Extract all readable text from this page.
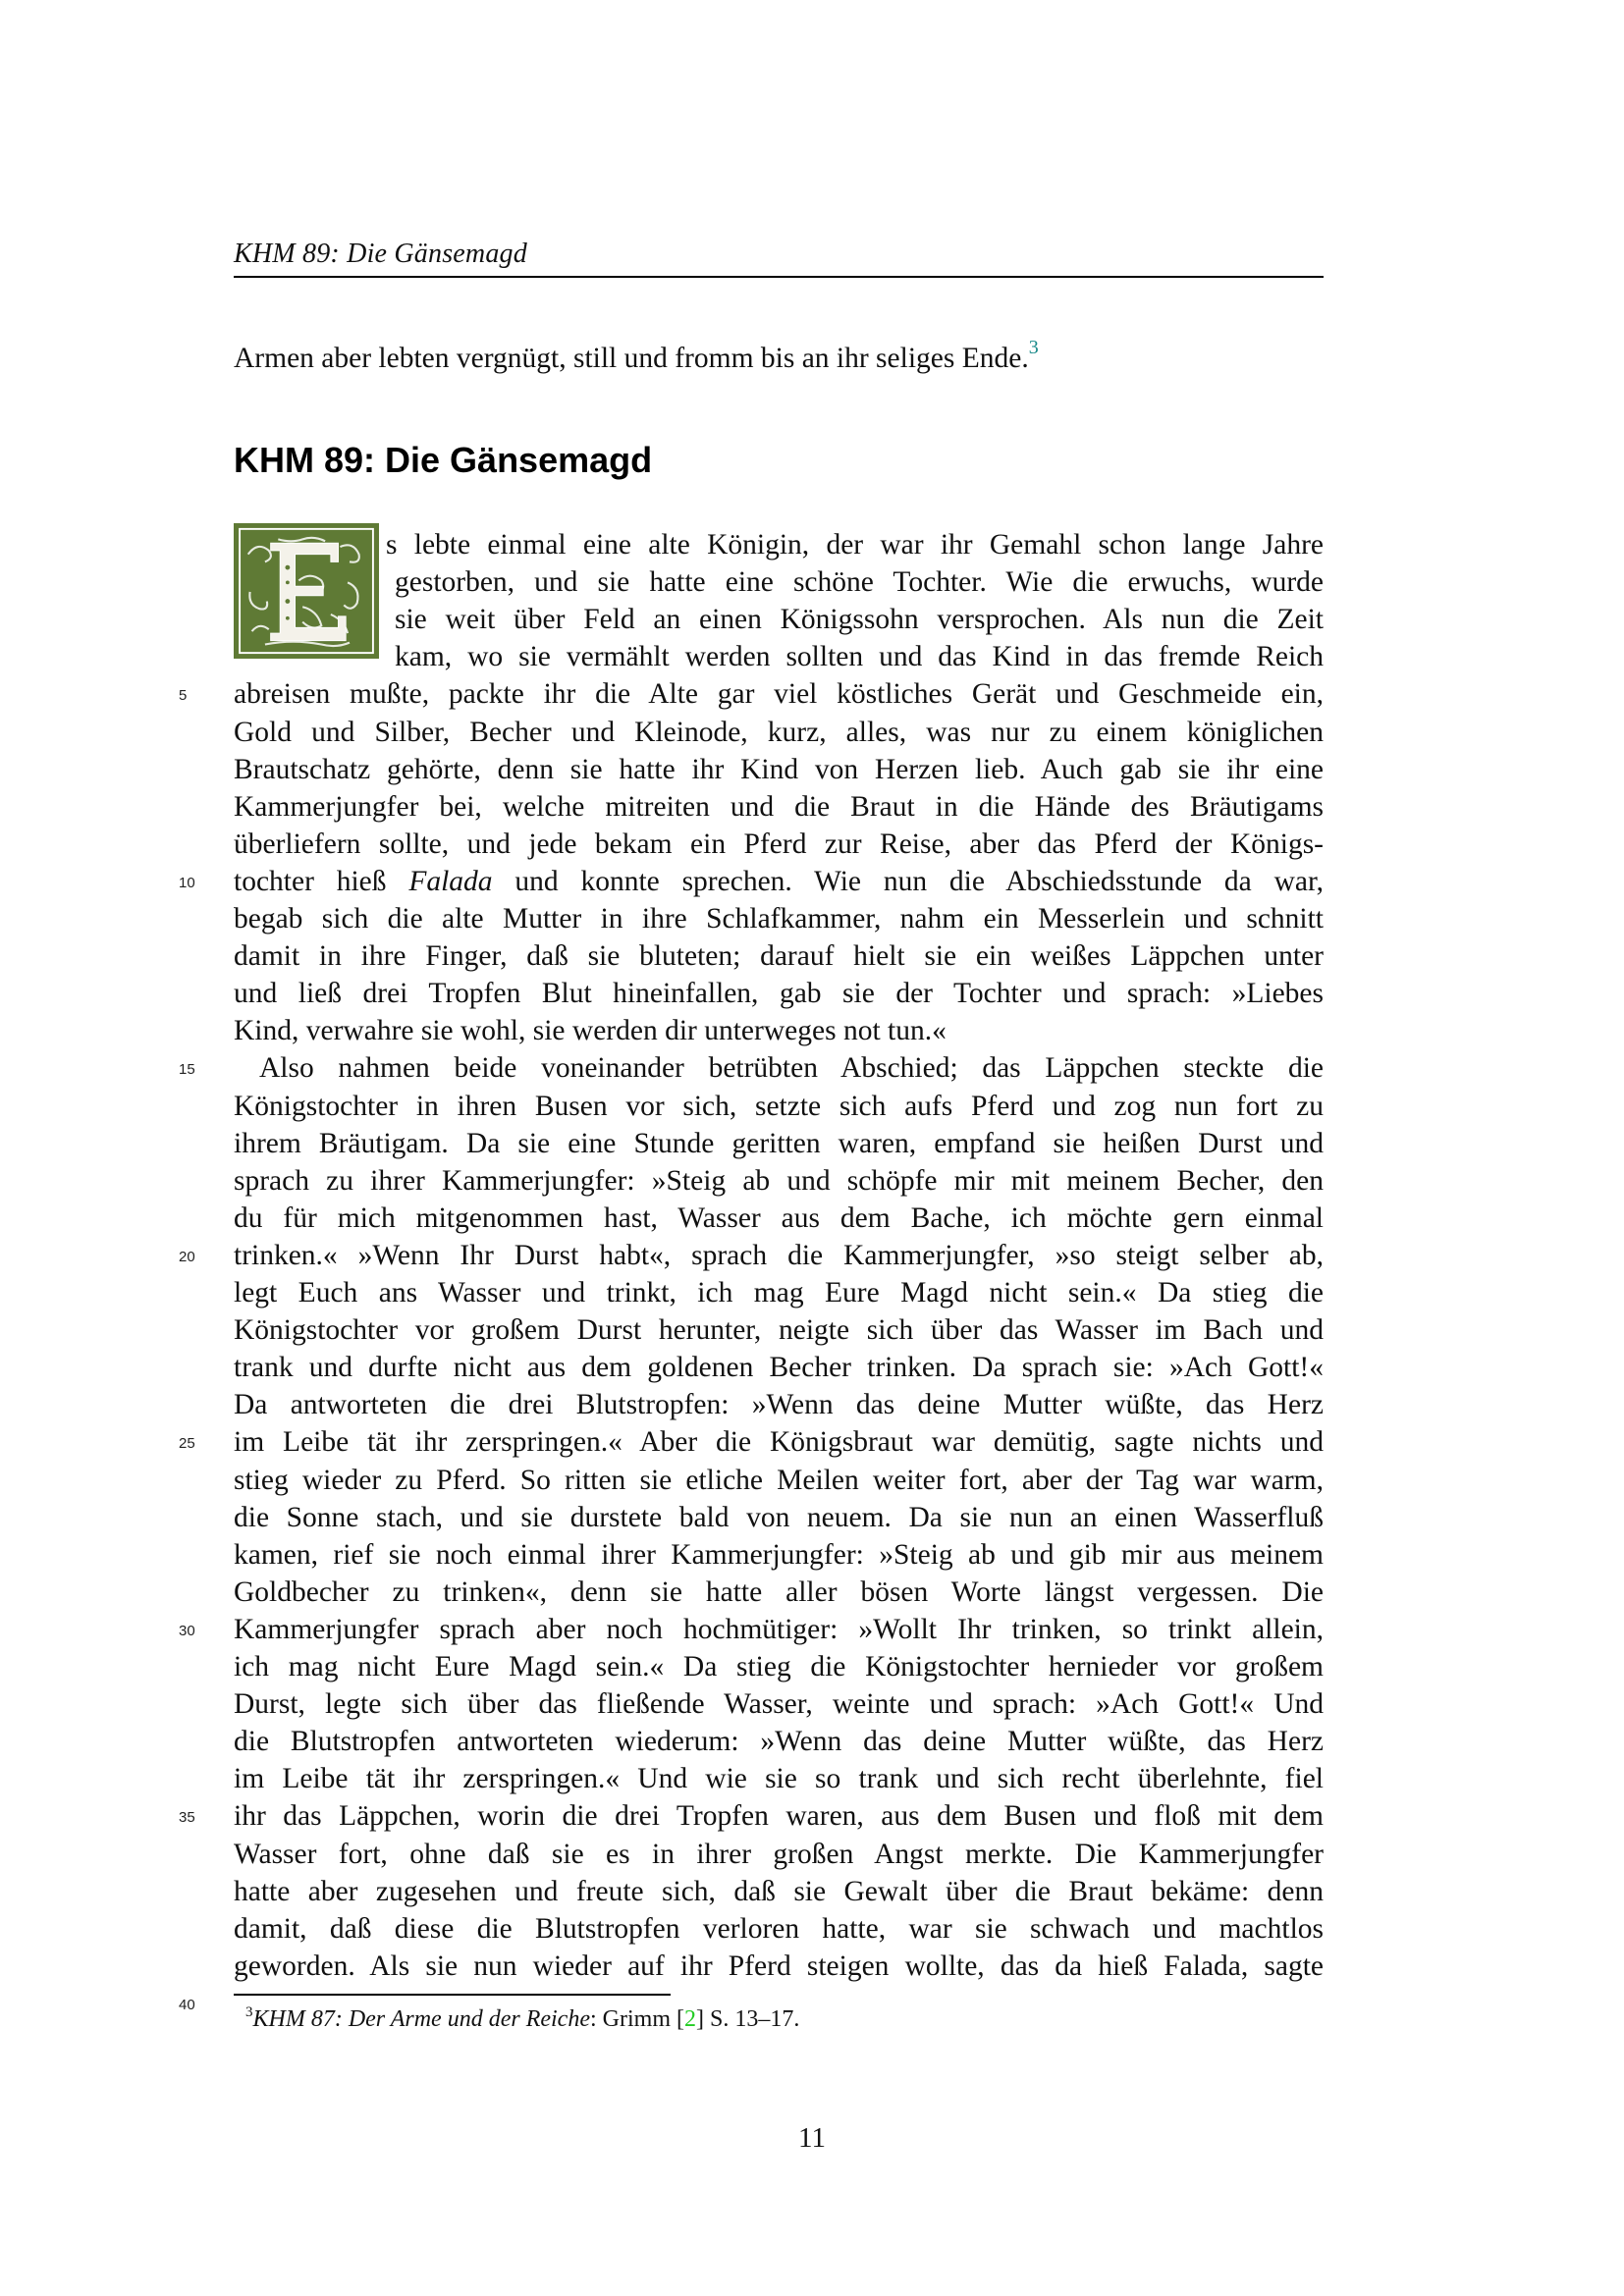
KHM 89: Die Gänsemagd
Armen aber lebten vergnügt, still und fromm bis an ihr seliges Ende.$^3$
KHM 89: Die Gänsemagd
s lebte einmal eine alte Königin, der war ihr Gemahl schon lange Jahre
gestorben, und sie hatte eine schöne Tochter. Wie die erwuchs, wurde
sie weit über Feld an einen Königssohn versprochen. Als nun die Zeit
kam, wo sie vermählt werden sollten und das Kind in das fremde Reich
abreisen mußte, packte ihr die Alte gar viel köstliches Gerät und Geschmeide ein,
Gold und Silber, Becher und Kleinode, kurz, alles, was nur zu einem königlichen
Brautschatz gehörte, denn sie hatte ihr Kind von Herzen lieb. Auch gab sie ihr eine
Kammerjungfer bei, welche mitreiten und die Braut in die Hände des Bräutigams
überliefern sollte, und jede bekam ein Pferd zur Reise, aber das Pferd der Königs-
tochter hieß Falada und konnte sprechen. Wie nun die Abschiedsstunde da war,
begab sich die alte Mutter in ihre Schlafkammer, nahm ein Messerlein und schnitt
damit in ihre Finger, daß sie bluteten; darauf hielt sie ein weißes Läppchen unter
und ließ drei Tropfen Blut hineinfallen, gab sie der Tochter und sprach: »Liebes
Kind, verwahre sie wohl, sie werden dir unterweges not tun.«
Also nahmen beide voneinander betrübten Abschied; das Läppchen steckte die
Königstochter in ihren Busen vor sich, setzte sich aufs Pferd und zog nun fort zu
ihrem Bräutigam. Da sie eine Stunde geritten waren, empfand sie heißen Durst und
sprach zu ihrer Kammerjungfer: »Steig ab und schöpfe mir mit meinem Becher, den
du für mich mitgenommen hast, Wasser aus dem Bache, ich möchte gern einmal
trinken.« »Wenn Ihr Durst habt«, sprach die Kammerjungfer, »so steigt selber ab,
legt Euch ans Wasser und trinkt, ich mag Eure Magd nicht sein.« Da stieg die
Königstochter vor großem Durst herunter, neigte sich über das Wasser im Bach und
trank und durfte nicht aus dem goldenen Becher trinken. Da sprach sie: »Ach Gott!«
Da antworteten die drei Blutstropfen: »Wenn das deine Mutter wüßte, das Herz
im Leibe tät ihr zerspringen.« Aber die Königsbraut war demütig, sagte nichts und
stieg wieder zu Pferd. So ritten sie etliche Meilen weiter fort, aber der Tag war warm,
die Sonne stach, und sie durstete bald von neuem. Da sie nun an einen Wasserfluß
kamen, rief sie noch einmal ihrer Kammerjungfer: »Steig ab und gib mir aus meinem
Goldbecher zu trinken«, denn sie hatte aller bösen Worte längst vergessen. Die
Kammerjungfer sprach aber noch hochmütiger: »Wollt Ihr trinken, so trinkt allein,
ich mag nicht Eure Magd sein.« Da stieg die Königstochter hernieder vor großem
Durst, legte sich über das fließende Wasser, weinte und sprach: »Ach Gott!« Und
die Blutstropfen antworteten wiederum: »Wenn das deine Mutter wüßte, das Herz
im Leibe tät ihr zerspringen.« Und wie sie so trank und sich recht überlehnte, fiel
ihr das Läppchen, worin die drei Tropfen waren, aus dem Busen und floß mit dem
Wasser fort, ohne daß sie es in ihrer großen Angst merkte. Die Kammerjungfer
hatte aber zugesehen und freute sich, daß sie Gewalt über die Braut bekäme: denn
damit, daß diese die Blutstropfen verloren hatte, war sie schwach und machtlos
geworden. Als sie nun wieder auf ihr Pferd steigen wollte, das da hieß Falada, sagte
5
10
15
20
25
30
35
40	$^3$KHM 87: Der Arme und der Reiche: Grimm [2] S. 13–17.
11
